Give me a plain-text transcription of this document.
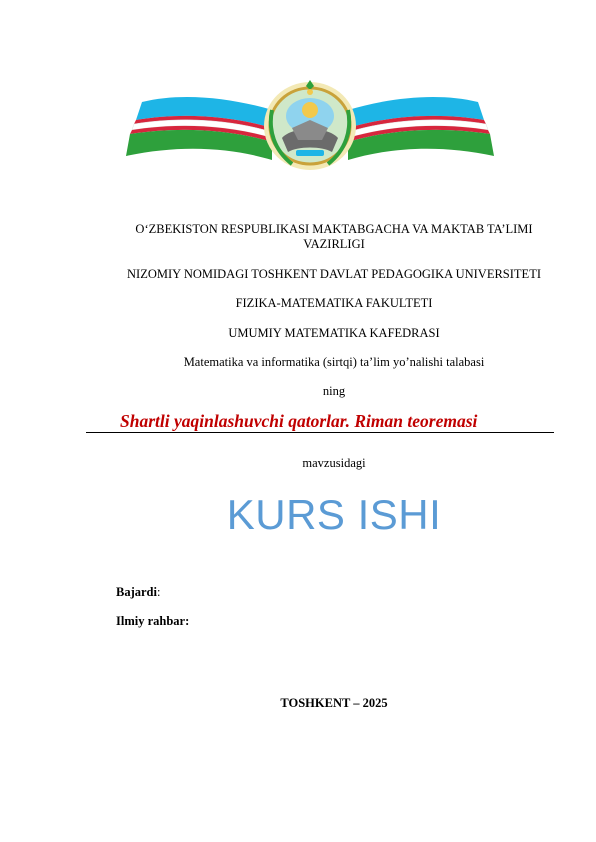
O‘ZBEKISTON RESPUBLIKASI MAKTABGACHA VA MAKTAB TA’LIMI
VAZIRLIGI
NIZOMIY NOMIDAGI TOSHKENT DAVLAT PEDAGOGIKA UNIVERSITETI
FIZIKA-MATEMATIKA FAKULTETI
UMUMIY MATEMATIKA KAFEDRASI
Matematika va informatika (sirtqi) ta’lim yo’nalishi talabasi
ning
Shartli yaqinlashuvchi qatorlar. Riman teoremasi
mavzusidagi
KURS ISHI
Bajardi:
Ilmiy rahbar:
TOSHKENT – 2025
